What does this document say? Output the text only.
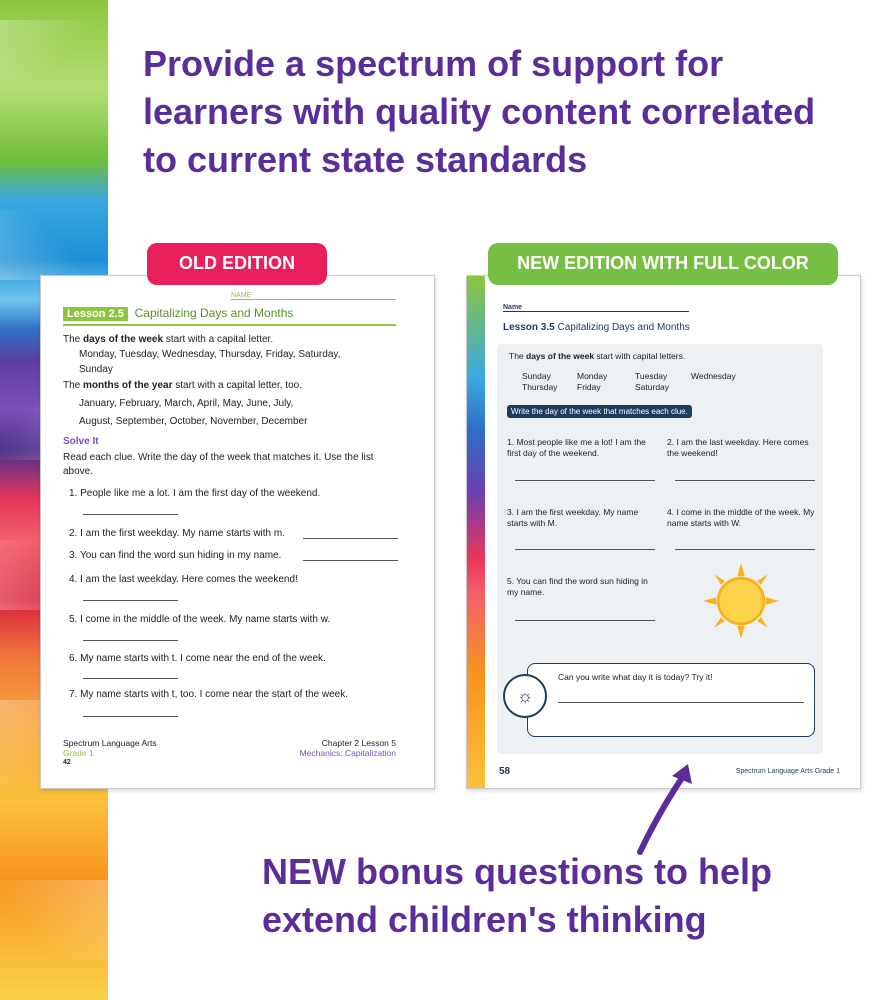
Provide a spectrum of support for learners with quality content correlated to current state standards
NAME
Lesson 2.5 Capitalizing Days and Months
The days of the week start with a capital letter.
Monday, Tuesday, Wednesday, Thursday, Friday, Saturday,
Sunday
The months of the year start with a capital letter, too.
January, February, March, April, May, June, July,
August, September, October, November, December
Solve It
Read each clue. Write the day of the week that matches it. Use the list above.
1. People like me a lot. I am the first day of the weekend.
2. I am the first weekday. My name starts with m.
3. You can find the word sun hiding in my name.
4. I am the last weekday. Here comes the weekend!
5. I come in the middle of the week. My name starts with w.
6. My name starts with t. I come near the end of the week.
7. My name starts with t, too. I come near the start of the week.
Spectrum Language Arts
Grade 1
42
Chapter 2 Lesson 5
Mechanics: Capitalization
OLD EDITION
Name
Lesson 3.5 Capitalizing Days and Months
The days of the week start with capital letters.
Sunday	Monday	Tuesday	Wednesday
Thursday Friday	Saturday
Write the day of the week that matches each clue.
1. Most people like me a lot! I am the first day of the weekend.
2. I am the last weekday. Here comes the weekend!
3. I am the first weekday. My name starts with M.
4. I come in the middle of the week. My name starts with W.
5. You can find the word sun hiding in my name.
Can you write what day it is today? Try it!
☼
58	Spectrum Language Arts Grade 1
NEW EDITION WITH FULL COLOR
NEW bonus questions to help extend children's thinking
